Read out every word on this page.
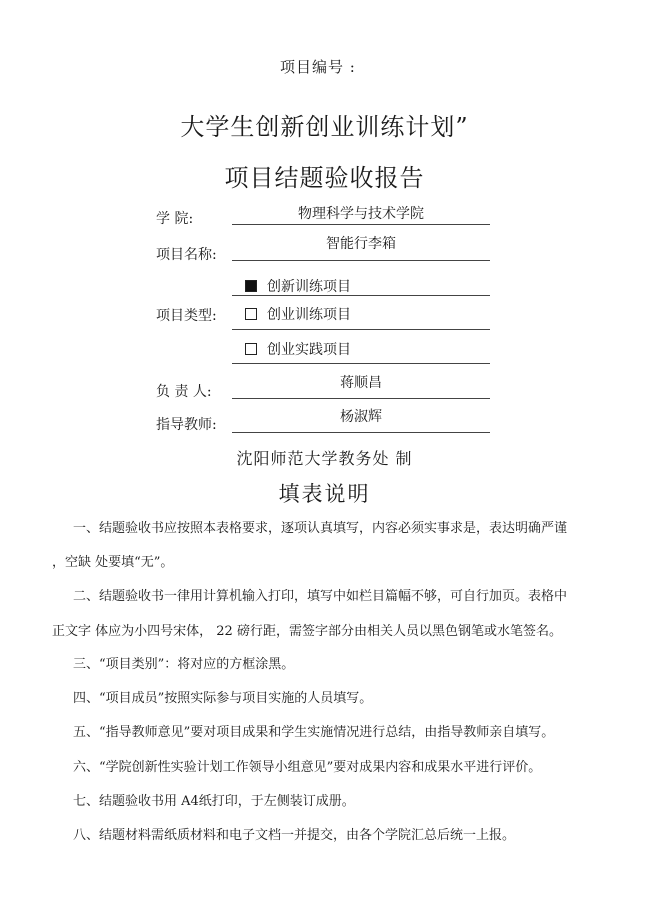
项目编号 :
大学生创新创业训练计划”
项目结题验收报告
学 院:	物理科学与技术学院
项目名称:
智能行李箱
项目类型:
创新训练项目
创业训练项目
创业实践项目
负 责 人:
蒋顺昌
指导教师:	杨淑辉
沈阳师范大学教务处 制
填表说明
一、结题验收书应按照本表格要求，逐项认真填写，内容必须实事求是，表达明确严谨
，空缺 处要填“无”。
二、结题验收书一律用计算机输入打印，填写中如栏目篇幅不够，可自行加页。表格中
正文字 体应为小四号宋体， 22 磅行距，需签字部分由相关人员以黑色钢笔或水笔签名。
三、“项目类别”：将对应的方框涂黑。
四、“项目成员”按照实际参与项目实施的人员填写。
五、“指导教师意见”要对项目成果和学生实施情况进行总结，由指导教师亲自填写。
六、“学院创新性实验计划工作领导小组意见”要对成果内容和成果水平进行评价。
七、结题验收书用 A4纸打印，于左侧装订成册。
八、结题材料需纸质材料和电子文档一并提交，由各个学院汇总后统一上报。
